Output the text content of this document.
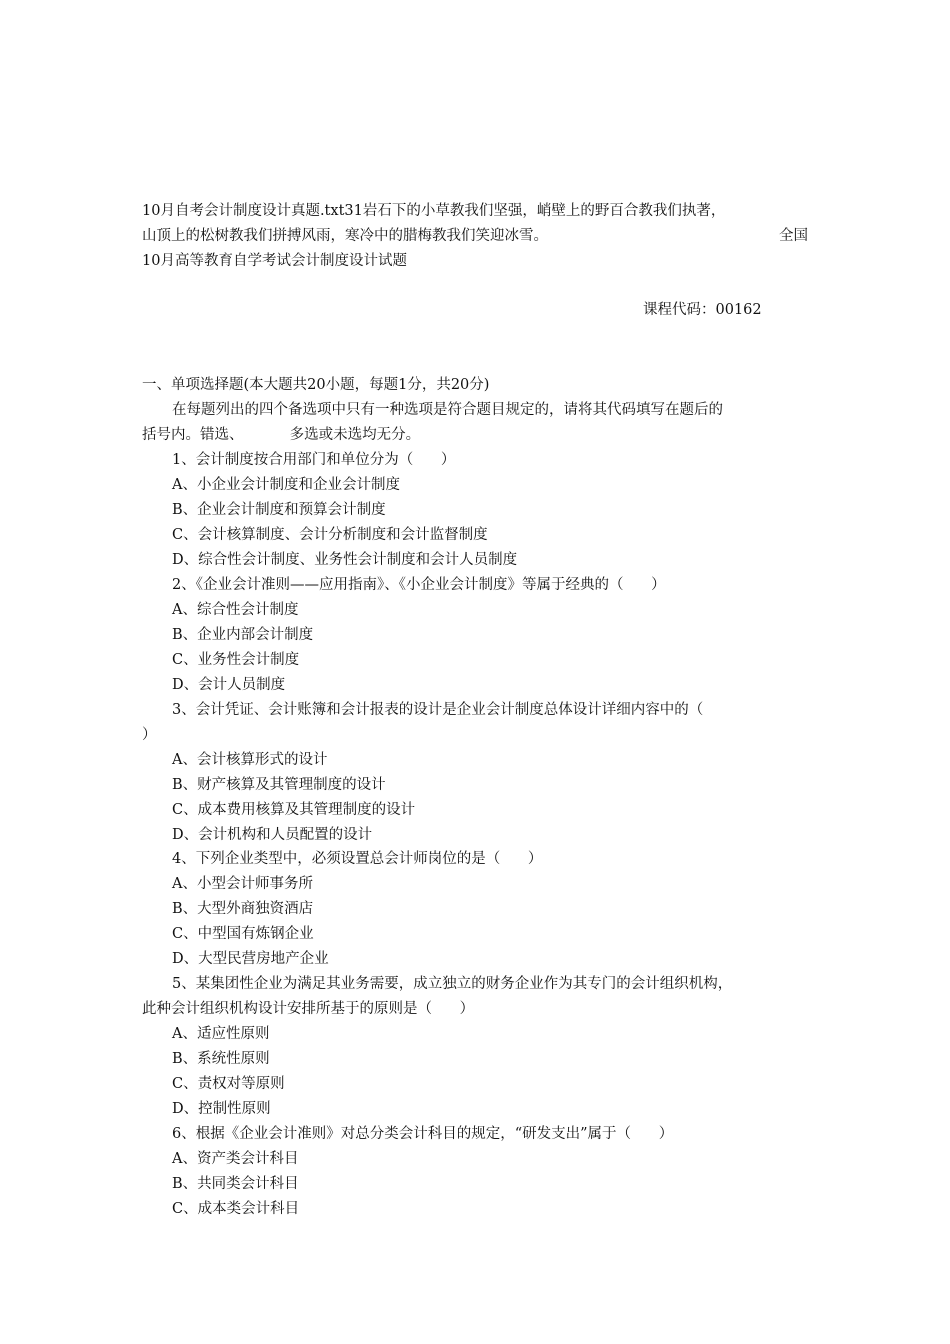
10月自考会计制度设计真题.txt31岩石下的小草教我们坚强，峭壁上的野百合教我们执著，
山顶上的松树教我们拼搏风雨，寒冷中的腊梅教我们笑迎冰雪。	全国
10月高等教育自学考试会计制度设计试题
课程代码：00162
一、单项选择题(本大题共20小题，每题1分，共20分)
在每题列出的四个备选项中只有一种选项是符合题目规定的，请将其代码填写在题后的
括号内。错选、          多选或未选均无分。
1、会计制度按合用部门和单位分为（      ）
A、小企业会计制度和企业会计制度
B、企业会计制度和预算会计制度
C、会计核算制度、会计分析制度和会计监督制度
D、综合性会计制度、业务性会计制度和会计人员制度
2、《企业会计准则——应用指南》、《小企业会计制度》等属于经典的（      ）
A、综合性会计制度
B、企业内部会计制度
C、业务性会计制度
D、会计人员制度
3、会计凭证、会计账簿和会计报表的设计是企业会计制度总体设计详细内容中的（
）
A、会计核算形式的设计
B、财产核算及其管理制度的设计
C、成本费用核算及其管理制度的设计
D、会计机构和人员配置的设计
4、下列企业类型中，必须设置总会计师岗位的是（      ）
A、小型会计师事务所
B、大型外商独资酒店
C、中型国有炼钢企业
D、大型民营房地产企业
5、某集团性企业为满足其业务需要，成立独立的财务企业作为其专门的会计组织机构，
此种会计组织机构设计安排所基于的原则是（      ）
A、适应性原则
B、系统性原则
C、责权对等原则
D、控制性原则
6、根据《企业会计准则》对总分类会计科目的规定，“研发支出”属于（      ）
A、资产类会计科目
B、共同类会计科目
C、成本类会计科目
